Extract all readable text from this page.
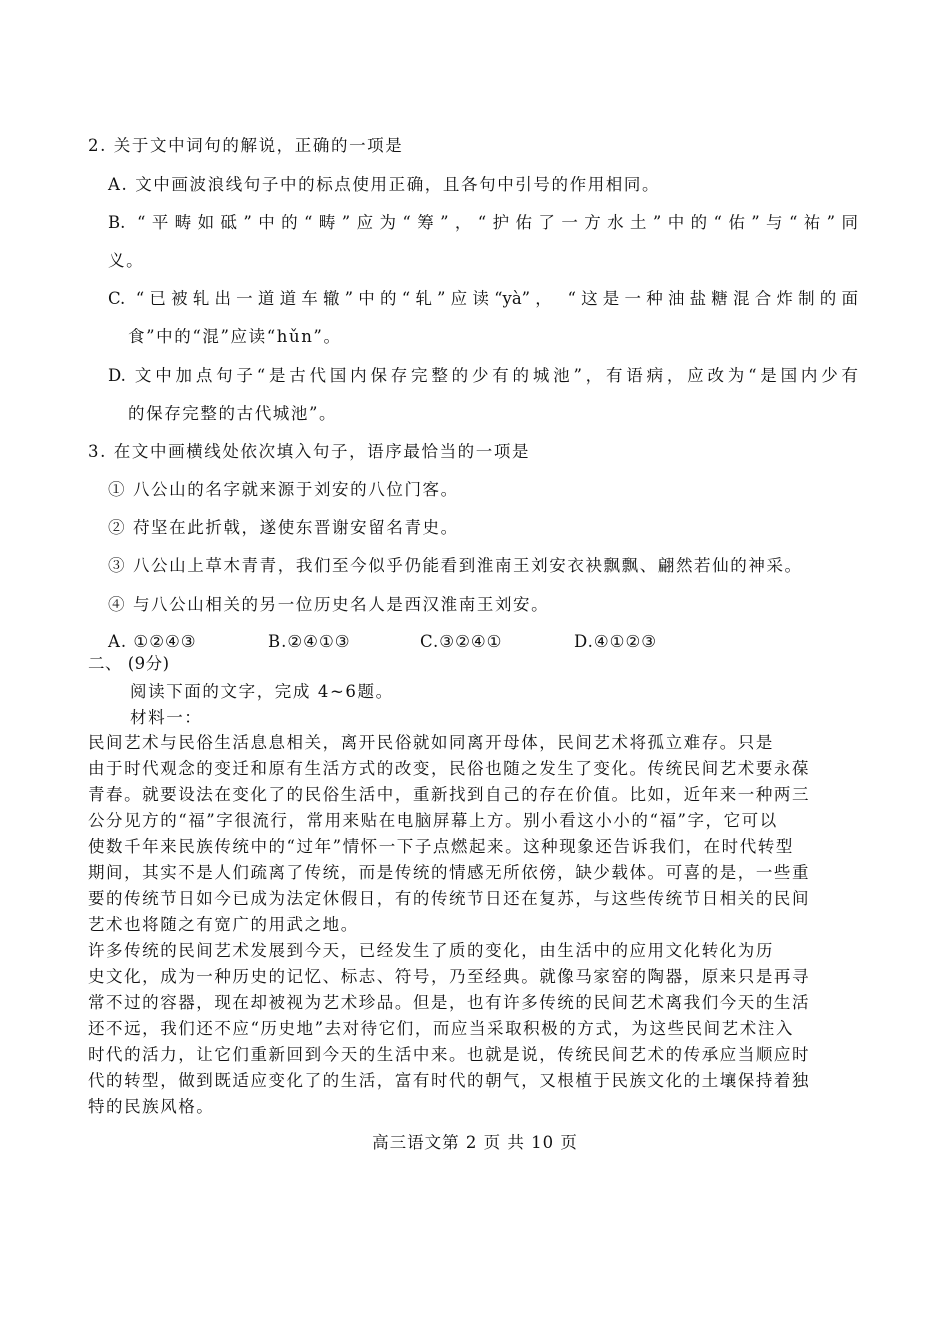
2. 关于文中词句的解说，正确的一项是
A. 文中画波浪线句子中的标点使用正确，且各句中引号的作用相同。
B. “平畴如砥”中的“畴”应为“筹”，“护佑了一方水土”中的“佑”与“祐”同
义。
C. “已被轧出一道道车辙”中的“轧”应读“yà”， “这是一种油盐糖混合炸制的面
食”中的“混”应读“hǔn”。
D. 文中加点句子“是古代国内保存完整的少有的城池”，有语病，应改为“是国内少有
的保存完整的古代城池”。
3. 在文中画横线处依次填入句子，语序最恰当的一项是
① 八公山的名字就来源于刘安的八位门客。
② 苻坚在此折戟，遂使东晋谢安留名青史。
③ 八公山上草木青青，我们至今似乎仍能看到淮南王刘安衣袂飘飘、翩然若仙的神采。
④ 与八公山相关的另一位历史名人是西汉淮南王刘安。
A. ①②④③	B.②④①③	C.③②④①	D.④①②③
二、 (9分)
阅读下面的文字，完成 4~6题。
材料一：
民间艺术与民俗生活息息相关，离开民俗就如同离开母体，民间艺术将孤立难存。只是
由于时代观念的变迁和原有生活方式的改变，民俗也随之发生了变化。传统民间艺术要永葆
青春。就要设法在变化了的民俗生活中，重新找到自己的存在价值。比如，近年来一种两三
公分见方的“福”字很流行，常用来贴在电脑屏幕上方。别小看这小小的“福”字，它可以
使数千年来民族传统中的“过年”情怀一下子点燃起来。这种现象还告诉我们，在时代转型
期间，其实不是人们疏离了传统，而是传统的情感无所依傍，缺少载体。可喜的是，一些重
要的传统节日如今已成为法定休假日，有的传统节日还在复苏，与这些传统节日相关的民间
艺术也将随之有宽广的用武之地。
许多传统的民间艺术发展到今天，已经发生了质的变化，由生活中的应用文化转化为历
史文化，成为一种历史的记忆、标志、符号，乃至经典。就像马家窑的陶器，原来只是再寻
常不过的容器，现在却被视为艺术珍品。但是，也有许多传统的民间艺术离我们今天的生活
还不远，我们还不应“历史地”去对待它们，而应当采取积极的方式，为这些民间艺术注入
时代的活力，让它们重新回到今天的生活中来。也就是说，传统民间艺术的传承应当顺应时
代的转型，做到既适应变化了的生活，富有时代的朝气，又根植于民族文化的土壤保持着独
特的民族风格。
高三语文第 2 页 共 10 页
